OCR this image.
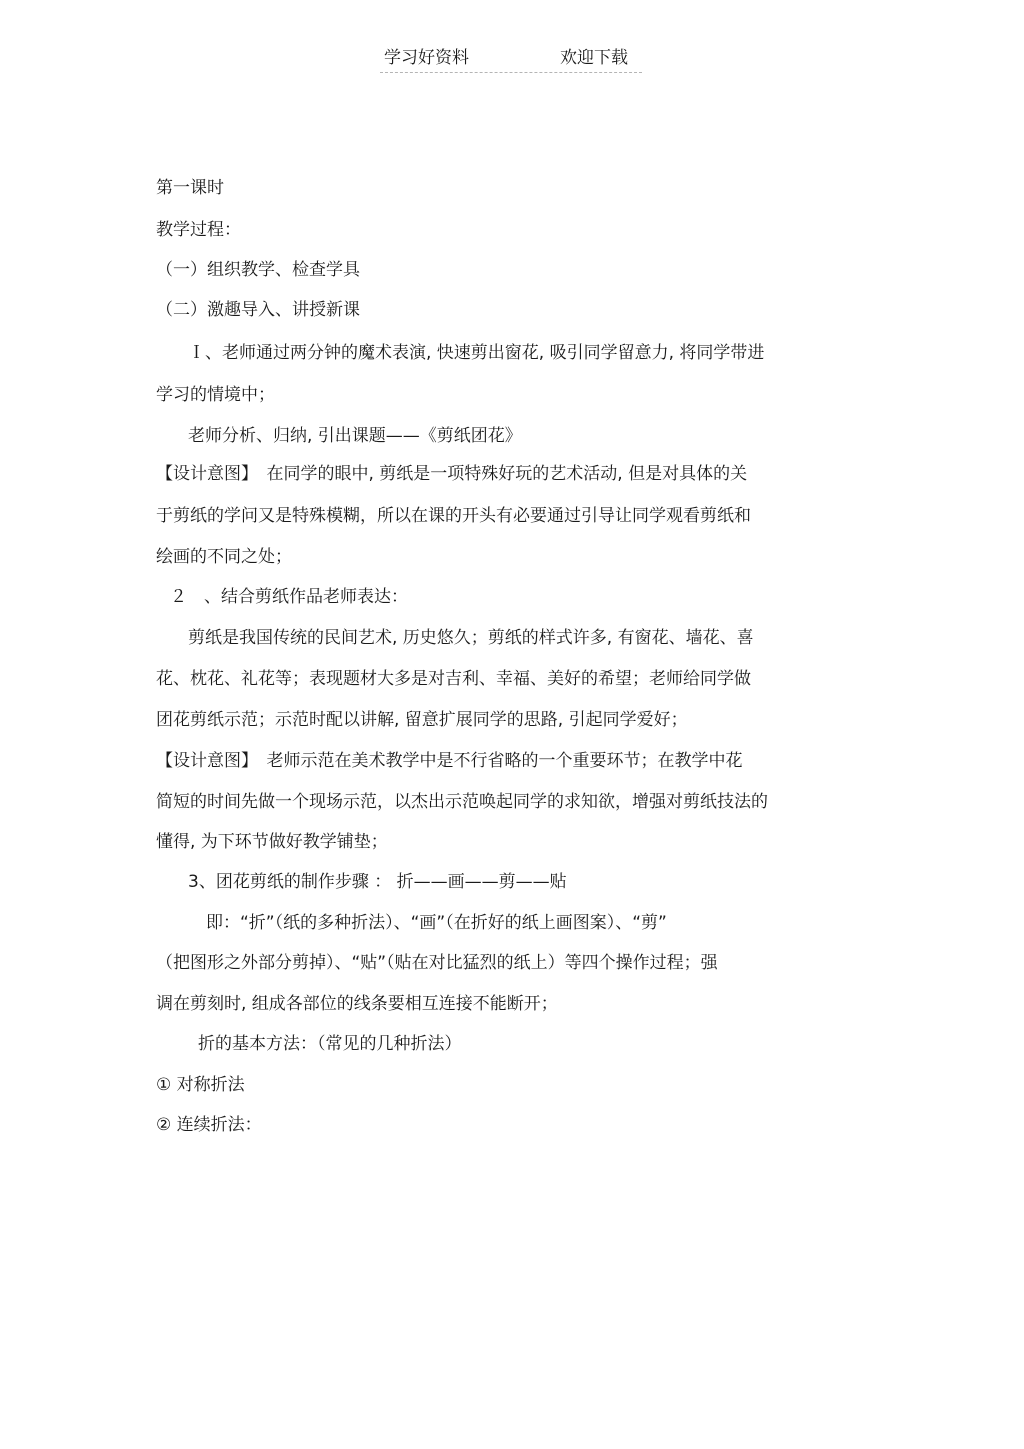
学习好资料	欢迎下载
第一课时
教学过程：
（一）组织教学、检查学具
（二）激趣导入、讲授新课
Ｉ、老师通过两分钟的魔术表演, 快速剪出窗花, 吸引同学留意力, 将同学带进
学习的情境中；
老师分析、归纳, 引出课题——《剪纸团花》
【设计意图】　在同学的眼中, 剪纸是一项特殊好玩的艺术活动, 但是对具体的关
于剪纸的学问又是特殊模糊，所以在课的开头有必要通过引导让同学观看剪纸和
绘画的不同之处；
２　、结合剪纸作品老师表达：
剪纸是我国传统的民间艺术, 历史悠久；剪纸的样式许多, 有窗花、墙花、喜
花、枕花、礼花等；表现题材大多是对吉利、幸福、美好的希望；老师给同学做
团花剪纸示范；示范时配以讲解, 留意扩展同学的思路, 引起同学爱好；
【设计意图】　老师示范在美术教学中是不行省略的一个重要环节；在教学中花
简短的时间先做一个现场示范，以杰出示范唤起同学的求知欲，增强对剪纸技法的
懂得, 为下环节做好教学铺垫；
3、团花剪纸的制作步骤 ： 折——画——剪——贴
即：“折”（纸的多种折法）、“画”（在折好的纸上画图案）、“剪”
（把图形之外部分剪掉）、“贴”（贴在对比猛烈的纸上）等四个操作过程；强
调在剪刻时, 组成各部位的线条要相互连接不能断开；
折的基本方法：（常见的几种折法）
① 对称折法
② 连续折法：
